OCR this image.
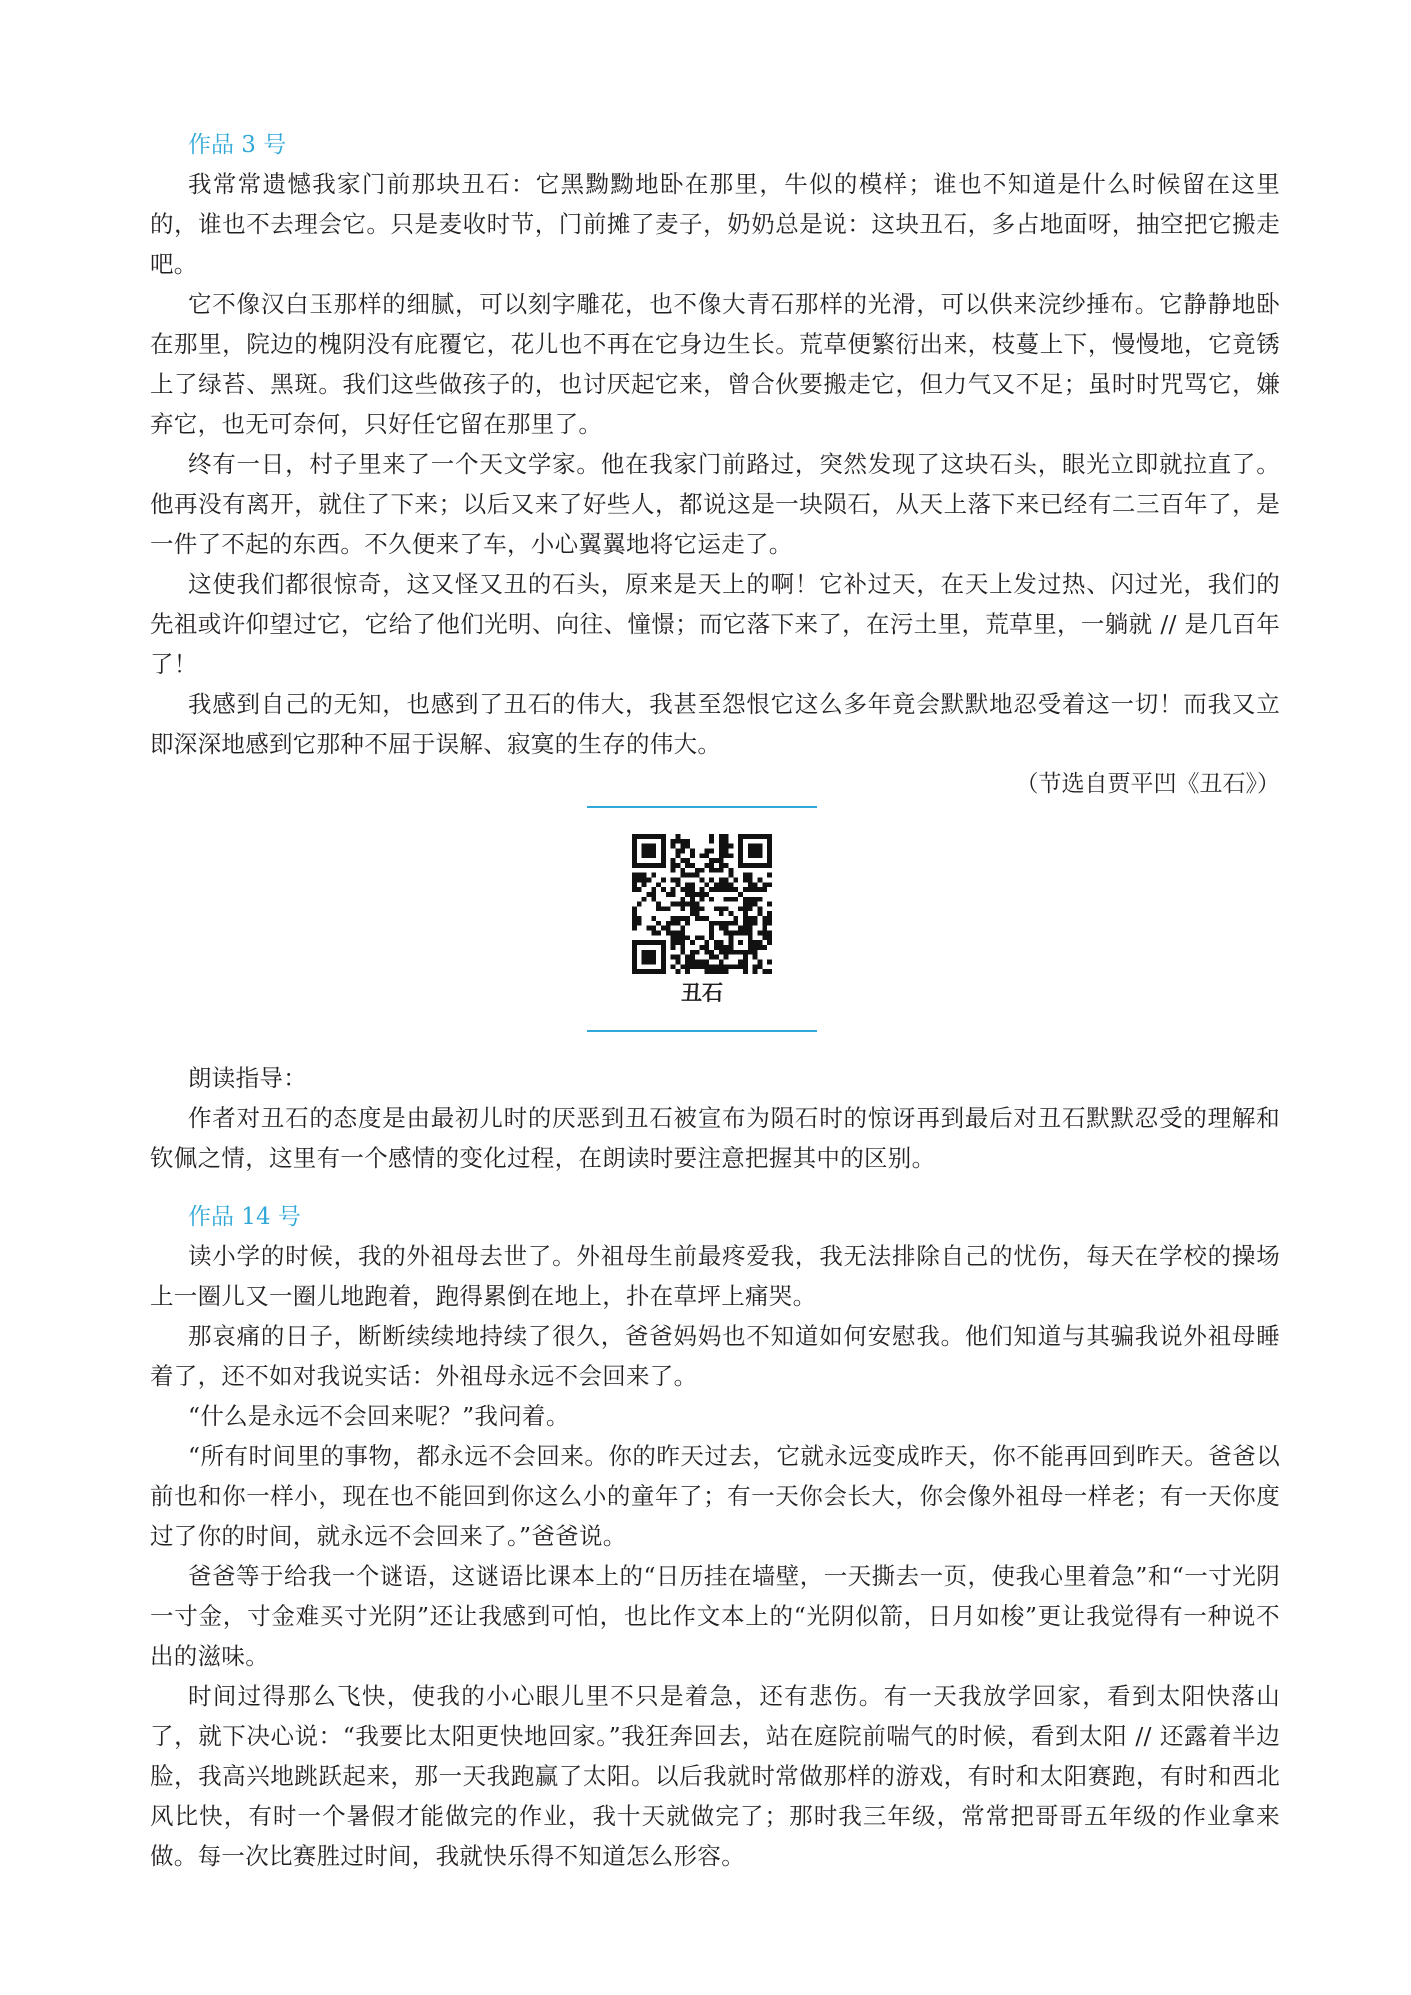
作品 3 号

我常常遗憾我家门前那块丑石：它黑黝黝地卧在那里，牛似的模样；谁也不知道是什么时候留在这里的，谁也不去理会它。只是麦收时节，门前摊了麦子，奶奶总是说：这块丑石，多占地面呀，抽空把它搬走吧。

它不像汉白玉那样的细腻，可以刻字雕花，也不像大青石那样的光滑，可以供来浣纱捶布。它静静地卧在那里，院边的槐阴没有庇覆它，花儿也不再在它身边生长。荒草便繁衍出来，枝蔓上下，慢慢地，它竟锈上了绿苔、黑斑。我们这些做孩子的，也讨厌起它来，曾合伙要搬走它，但力气又不足；虽时时咒骂它，嫌弃它，也无可奈何，只好任它留在那里了。

终有一日，村子里来了一个天文学家。他在我家门前路过，突然发现了这块石头，眼光立即就拉直了。他再没有离开，就住了下来；以后又来了好些人，都说这是一块陨石，从天上落下来已经有二三百年了，是一件了不起的东西。不久便来了车，小心翼翼地将它运走了。

这使我们都很惊奇，这又怪又丑的石头，原来是天上的啊！它补过天，在天上发过热、闪过光，我们的先祖或许仰望过它，它给了他们光明、向往、憧憬；而它落下来了，在污土里，荒草里，一躺就 // 是几百年了！

我感到自己的无知，也感到了丑石的伟大，我甚至怨恨它这么多年竟会默默地忍受着这一切！而我又立即深深地感到它那种不屈于误解、寂寞的生存的伟大。

（节选自贾平凹《丑石》）

丑石

朗读指导：

作者对丑石的态度是由最初儿时的厌恶到丑石被宣布为陨石时的惊讶再到最后对丑石默默忍受的理解和钦佩之情，这里有一个感情的变化过程，在朗读时要注意把握其中的区别。

作品 14 号

读小学的时候，我的外祖母去世了。外祖母生前最疼爱我，我无法排除自己的忧伤，每天在学校的操场上一圈儿又一圈儿地跑着，跑得累倒在地上，扑在草坪上痛哭。

那哀痛的日子，断断续续地持续了很久，爸爸妈妈也不知道如何安慰我。他们知道与其骗我说外祖母睡着了，还不如对我说实话：外祖母永远不会回来了。

“什么是永远不会回来呢？”我问着。

“所有时间里的事物，都永远不会回来。你的昨天过去，它就永远变成昨天，你不能再回到昨天。爸爸以前也和你一样小，现在也不能回到你这么小的童年了；有一天你会长大，你会像外祖母一样老；有一天你度过了你的时间，就永远不会回来了。”爸爸说。

爸爸等于给我一个谜语，这谜语比课本上的“日历挂在墙壁，一天撕去一页，使我心里着急”和“一寸光阴一寸金，寸金难买寸光阴”还让我感到可怕，也比作文本上的“光阴似箭，日月如梭”更让我觉得有一种说不出的滋味。

时间过得那么飞快，使我的小心眼儿里不只是着急，还有悲伤。有一天我放学回家，看到太阳快落山了，就下决心说：“我要比太阳更快地回家。”我狂奔回去，站在庭院前喘气的时候，看到太阳 // 还露着半边脸，我高兴地跳跃起来，那一天我跑赢了太阳。以后我就时常做那样的游戏，有时和太阳赛跑，有时和西北风比快，有时一个暑假才能做完的作业，我十天就做完了；那时我三年级，常常把哥哥五年级的作业拿来做。每一次比赛胜过时间，我就快乐得不知道怎么形容。
